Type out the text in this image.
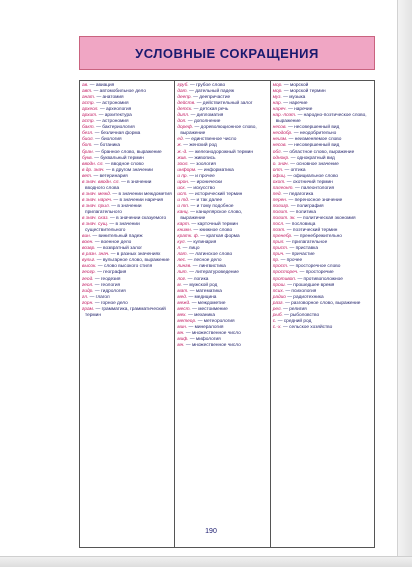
УСЛОВНЫЕ СОКРАЩЕНИЯ

ав. — авиация

авт. — автомобильное дело

анат. — анатомия

астр. — астрономия

археол. — археология

архит. — архитектура

астр. — астрономия

бакт. — бактериология

безл. — безличная форма

биол. — биология

бот. — ботаника

бран. — бранное слово, выражение

букв. — буквальный термин

вводн. сл. — вводное слово

в др. знач. — в другом значении

вет. — ветеринария

в знач. вводн. сл. — в значении вводного слова

в знач. межд. — в значении междометия

в знач. нареч. — в значении наречия

в знач. прил. — в значении прилагательного

в знач. сказ. — в значении сказуемого

в знач. сущ. — в значении существительного

вин. — винительный падеж

воен. — военное дело

возвр. — возвратный залог

в разн. знач. — в разных значениях

вульг. — вульгарное слово, выражение

высок. — слово высокого стиля

геогр. — география

геод. — геодезия

геол. — геология

гидр. — гидрология

гл. — глагол

горн. — горное дело

грам. — грамматика, грамматический термин

груб. — грубое слово

дат. — дательный падеж

деепр. — деепричастие

действ. — действительный залог

детск. — детская речь

дипл. — дипломатия

доп. — дополнение

дореф. — дореволюционное слово, выражение

ед. — единственное число

ж. — женский род

ж.-д. — железнодорожный термин

жив. — живопись

зоол. — зоология

информ. — информатика

и пр. — и прочее

ирон. — иронически

иск. — искусство

ист. — исторический термин

и тд. — и так далее

и тп. — и тому подобное

канц. — канцелярское слово, выражение

карт. — карточный термин

книжн. — книжное слово

кратк. ф. — краткая форма

кул. — кулинария

л. — лицо

лат. — латинское слово

лес. — лесное дело

лингв. — лингвистика

лит. — литературоведение

лог. — логика

м. — мужской род

мат. — математика

мед. — медицина

межд. — междометие

мест. — местоимение

мех. — механика

метеор. — метеорология

мин. — минералогия

мн. — множественное число

миф. — мифология

мн. — множественное число

мор. — морской

мор. — морской термин

муз. — музыка

нар. — наречие

нареч. — наречие

нар.-поэт. — народно-поэтическое слово, выражение

несов. — несовершенный вид

неодобр. — неодобрительно

неизм. — неизменяемое слово

несов. — несовершенный вид

обл. — областное слово, выражение

однокр. — однократный вид

о. знач. — основное значение

опт. — оптика

офиц. — официальное слово

охот. — охотничий термин

палеонт. — палеонтология

пед. — педагогика

перен. — переносное значение

полигр. — полиграфия

полит. — политика

полит. эк. — политическая экономия

посл. — пословица

поэт. — поэтический термин

пренебр. — пренебрежительно

прил. — прилагательное

прист. — приставка

прич. — причастие

пр. — прочее

прост. — просторечное слово

простореч. — просторечие

противоп. — противоположное

прош. — прошедшее время

псих. — психология

радио — радиотехника

разг. — разговорное слово, выражение

рел. — религия

рыб. — рыболовство

с. — средний род

с.-х. — сельское хозяйство

190
